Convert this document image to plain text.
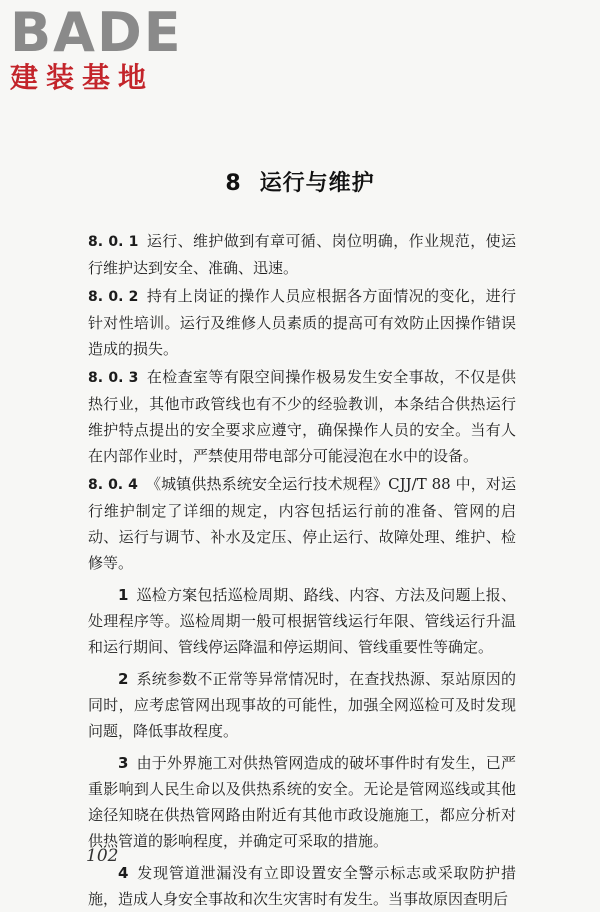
BADE
建装基地
8 运行与维护

8. 0. 1 运行、维护做到有章可循、岗位明确，作业规范，使运行维护达到安全、准确、迅速。

8. 0. 2 持有上岗证的操作人员应根据各方面情况的变化，进行针对性培训。运行及维修人员素质的提高可有效防止因操作错误造成的损失。

8. 0. 3 在检查室等有限空间操作极易发生安全事故，不仅是供热行业，其他市政管线也有不少的经验教训，本条结合供热运行维护特点提出的安全要求应遵守，确保操作人员的安全。当有人在内部作业时，严禁使用带电部分可能浸泡在水中的设备。

8. 0. 4 《城镇供热系统安全运行技术规程》CJJ/T 88 中，对运行维护制定了详细的规定，内容包括运行前的准备、管网的启动、运行与调节、补水及定压、停止运行、故障处理、维护、检修等。

1 巡检方案包括巡检周期、路线、内容、方法及问题上报、处理程序等。巡检周期一般可根据管线运行年限、管线运行升温和运行期间、管线停运降温和停运期间、管线重要性等确定。

2 系统参数不正常等异常情况时，在查找热源、泵站原因的同时，应考虑管网出现事故的可能性，加强全网巡检可及时发现问题，降低事故程度。

3 由于外界施工对供热管网造成的破坏事件时有发生，已严重影响到人民生命以及供热系统的安全。无论是管网巡线或其他途径知晓在供热管网路由附近有其他市政设施施工，都应分析对供热管道的影响程度，并确定可采取的措施。

4 发现管道泄漏没有立即设置安全警示标志或采取防护措施，造成人身安全事故和次生灾害时有发生。当事故原因查明后

102
